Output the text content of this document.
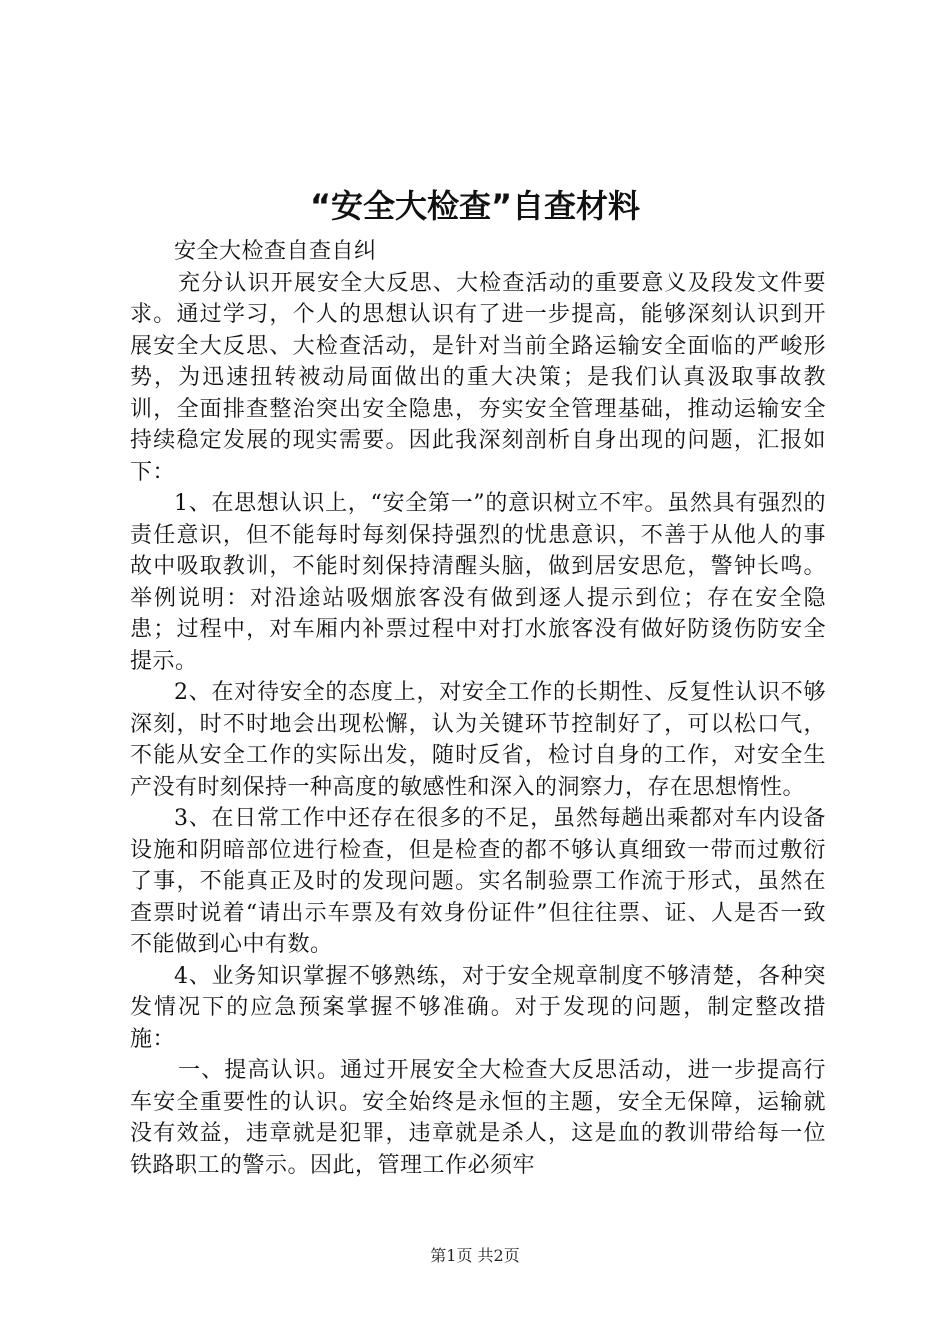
“安全大检查”自查材料

安全大检查自查自纠

充分认识开展安全大反思、大检查活动的重要意义及段发文件要求。通过学习，个人的思想认识有了进一步提高，能够深刻认识到开展安全大反思、大检查活动，是针对当前全路运输安全面临的严峻形势，为迅速扭转被动局面做出的重大决策；是我们认真汲取事故教训，全面排查整治突出安全隐患，夯实安全管理基础，推动运输安全持续稳定发展的现实需要。因此我深刻剖析自身出现的问题，汇报如下：

1、在思想认识上，“安全第一”的意识树立不牢。虽然具有强烈的责任意识，但不能每时每刻保持强烈的忧患意识，不善于从他人的事故中吸取教训，不能时刻保持清醒头脑，做到居安思危，警钟长鸣。举例说明：对沿途站吸烟旅客没有做到逐人提示到位；存在安全隐患；过程中，对车厢内补票过程中对打水旅客没有做好防烫伤防安全提示。

2、在对待安全的态度上，对安全工作的长期性、反复性认识不够深刻，时不时地会出现松懈，认为关键环节控制好了，可以松口气，不能从安全工作的实际出发，随时反省，检讨自身的工作，对安全生产没有时刻保持一种高度的敏感性和深入的洞察力，存在思想惰性。

3、在日常工作中还存在很多的不足，虽然每趟出乘都对车内设备设施和阴暗部位进行检查，但是检查的都不够认真细致一带而过敷衍了事，不能真正及时的发现问题。实名制验票工作流于形式，虽然在查票时说着“请出示车票及有效身份证件”但往往票、证、人是否一致不能做到心中有数。

4、业务知识掌握不够熟练，对于安全规章制度不够清楚，各种突发情况下的应急预案掌握不够准确。对于发现的问题，制定整改措施：

一、提高认识。通过开展安全大检查大反思活动，进一步提高行车安全重要性的认识。安全始终是永恒的主题，安全无保障，运输就没有效益，违章就是犯罪，违章就是杀人，这是血的教训带给每一位铁路职工的警示。因此，管理工作必须牢

第1页 共2页
